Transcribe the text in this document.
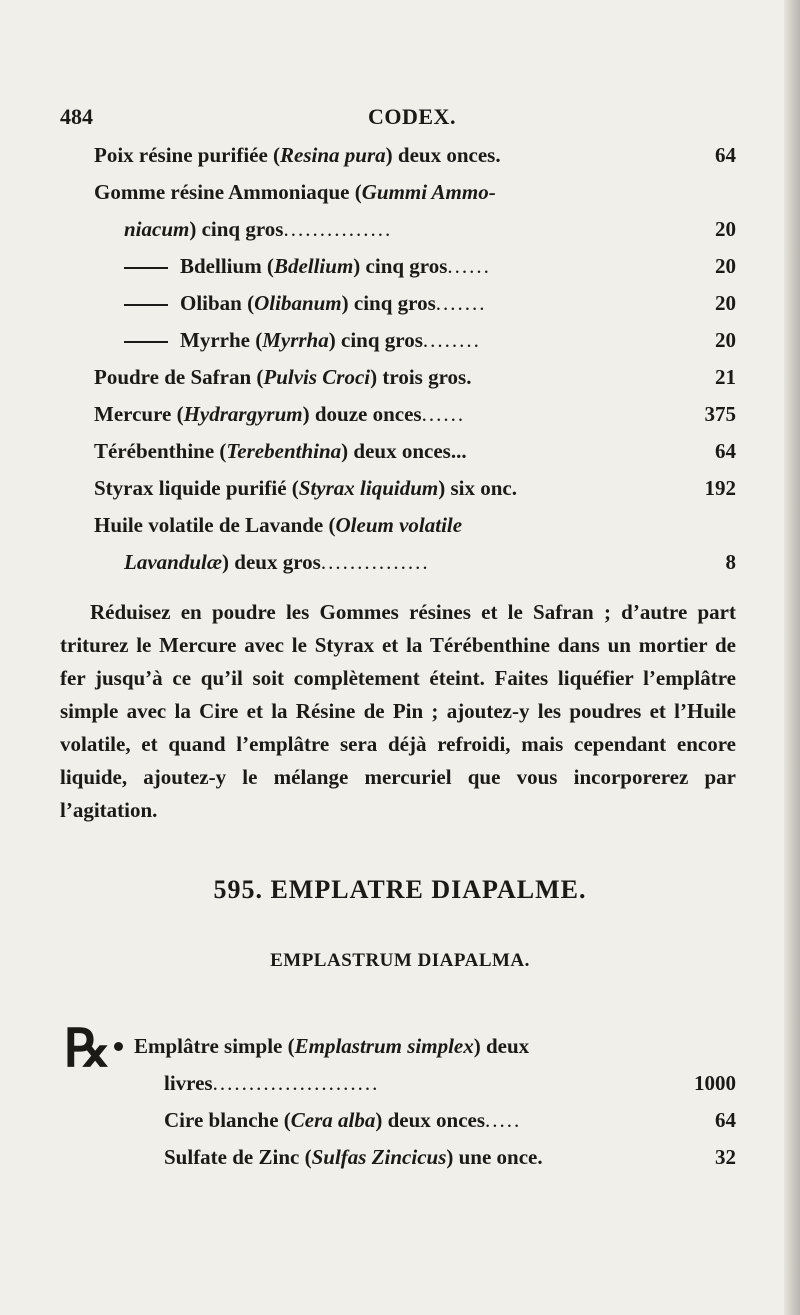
484	CODEX.
Poix résine purifiée (Resina pura) deux onces.	64
Gomme résine Ammoniaque (Gummi Ammo-
niacum) cinq gros...............	20
Bdellium (Bdellium) cinq gros......	20
Oliban (Olibanum) cinq gros.......	20
Myrrhe (Myrrha) cinq gros........	20
Poudre de Safran (Pulvis Croci) trois gros.	21
Mercure (Hydrargyrum) douze onces......	375
Térébenthine (Terebenthina) deux onces...	64
Styrax liquide purifié (Styrax liquidum) six onc.	192
Huile volatile de Lavande (Oleum volatile
Lavandulæ) deux gros...............	8
Réduisez en poudre les Gommes résines et le Safran ; d’autre part triturez le Mercure avec le Styrax et la Térébenthine dans un mortier de fer jusqu’à ce qu’il soit complètement éteint. Faites liquéfier l’emplâtre simple avec la Cire et la Résine de Pin ; ajoutez-y les poudres et l’Huile volatile, et quand l’emplâtre sera déjà refroidi, mais cependant encore liquide, ajoutez-y le mélange mercuriel que vous incorporerez par l’agitation.
595. EMPLATRE DIAPALME.
EMPLASTRUM DIAPALMA.
℞ Emplâtre simple (Emplastrum simplex) deux
livres.......................	1000
Cire blanche (Cera alba) deux onces.....	64
Sulfate de Zinc (Sulfas Zincicus) une once.	32
